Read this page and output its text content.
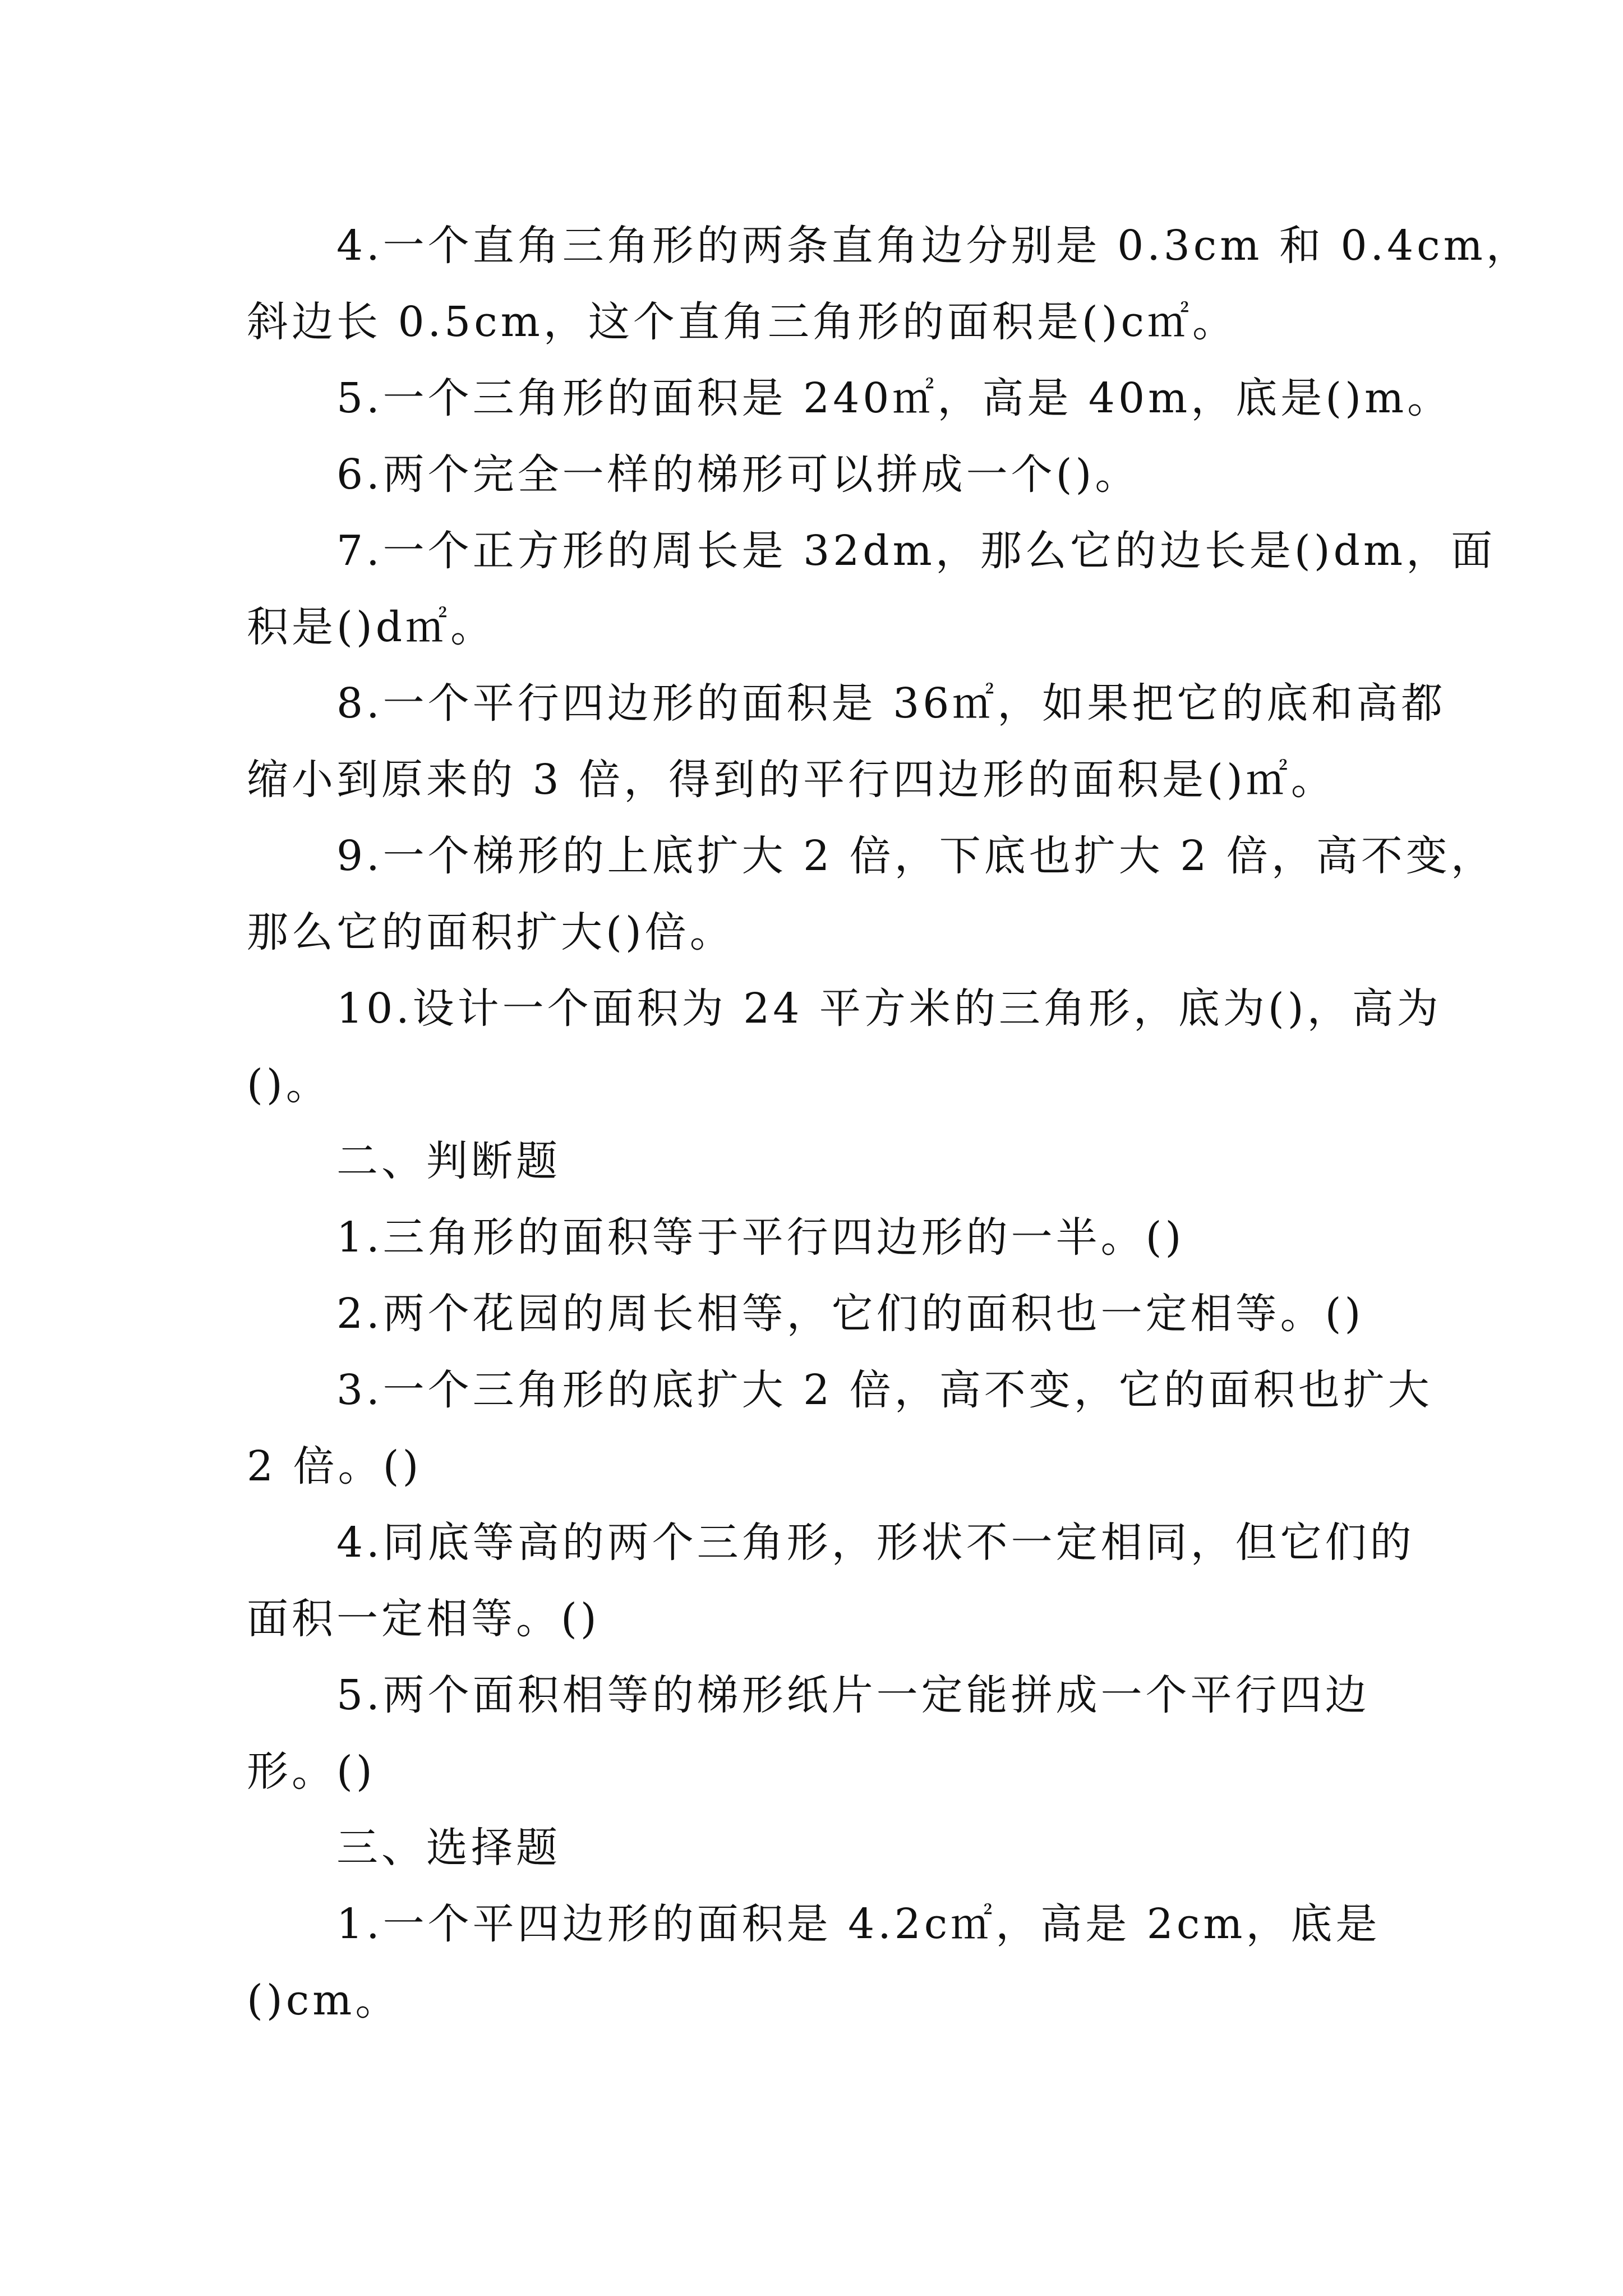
4.一个直角三角形的两条直角边分别是 0.3cm 和 0.4cm，
斜边长 0.5cm，这个直角三角形的面积是()c㎡。
5.一个三角形的面积是 240㎡，高是 40m，底是()m。
6.两个完全一样的梯形可以拼成一个()。
7.一个正方形的周长是 32dm，那么它的边长是()dm，面
积是()d㎡。
8.一个平行四边形的面积是 36㎡，如果把它的底和高都
缩小到原来的 3 倍，得到的平行四边形的面积是()㎡。
9.一个梯形的上底扩大 2 倍，下底也扩大 2 倍，高不变，
那么它的面积扩大()倍。
10.设计一个面积为 24 平方米的三角形，底为()，高为
()。
二、判断题
1.三角形的面积等于平行四边形的一半。()
2.两个花园的周长相等，它们的面积也一定相等。()
3.一个三角形的底扩大 2 倍，高不变，它的面积也扩大
2 倍。()
4.同底等高的两个三角形，形状不一定相同，但它们的
面积一定相等。()
5.两个面积相等的梯形纸片一定能拼成一个平行四边
形。()
三、选择题
1.一个平四边形的面积是 4.2c㎡，高是 2cm，底是
()cm。
